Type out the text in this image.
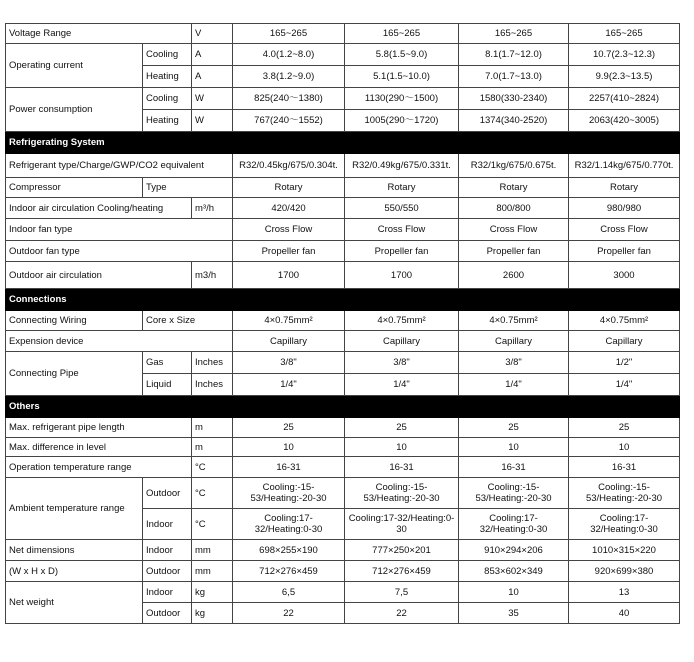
Voltage Range		V	165~265	165~265	165~265	165~265
Operating current	Cooling	A	4.0(1.2~8.0)	5.8(1.5~9.0)	8.1(1.7~12.0)	10.7(2.3~12.3)
	Heating	A	3.8(1.2~9.0)	5.1(1.5~10.0)	7.0(1.7~13.0)	9.9(2.3~13.5)
Power consumption	Cooling	W	825(240～1380)	1130(290～1500)	1580(330-2340)	2257(410~2824)
	Heating	W	767(240～1552)	1005(290～1720)	1374(340-2520)	2063(420~3005)
Refrigerating System						
Refrigerant type/Charge/GWP/CO2 equivalent			R32/0.45kg/675/0.304t.	R32/0.49kg/675/0.331t.	R32/1kg/675/0.675t.	R32/1.14kg/675/0.770t.
Compressor	Type		Rotary	Rotary	Rotary	Rotary
Indoor air circulation Cooling/heating		m³/h	420/420	550/550	800/800	980/980
Indoor fan type			Cross Flow	Cross Flow	Cross Flow	Cross Flow
Outdoor fan type			Propeller fan	Propeller fan	Propeller fan	Propeller fan
Outdoor air circulation		m3/h	1700	1700	2600	3000
Connections						
Connecting Wiring	Core x Size		4×0.75mm²	4×0.75mm²	4×0.75mm²	4×0.75mm²
Expension device			Capillary	Capillary	Capillary	Capillary
Connecting Pipe	Gas	Inches	3/8"	3/8"	3/8"	1/2"
	Liquid	Inches	1/4"	1/4"	1/4"	1/4"
Others						
Max. refrigerant pipe length		m	25	25	25	25
Max. difference in level		m	10	10	10	10
Operation temperature range		°C	16-31	16-31	16-31	16-31
Ambient temperature range	Outdoor	°C	Cooling:-15-53/Heating:-20-30	Cooling:-15-53/Heating:-20-30	Cooling:-15-53/Heating:-20-30	Cooling:-15-53/Heating:-20-30
	Indoor	°C	Cooling:17-32/Heating:0-30	Cooling:17-32/Heating:0-30	Cooling:17-32/Heating:0-30	Cooling:17-32/Heating:0-30
Net dimensions	Indoor	mm	698×255×190	777×250×201	910×294×206	1010×315×220
(W x H x D)	Outdoor	mm	712×276×459	712×276×459	853×602×349	920×699×380
Net weight	Indoor	kg	6,5	7,5	10	13
	Outdoor	kg	22	22	35	40
